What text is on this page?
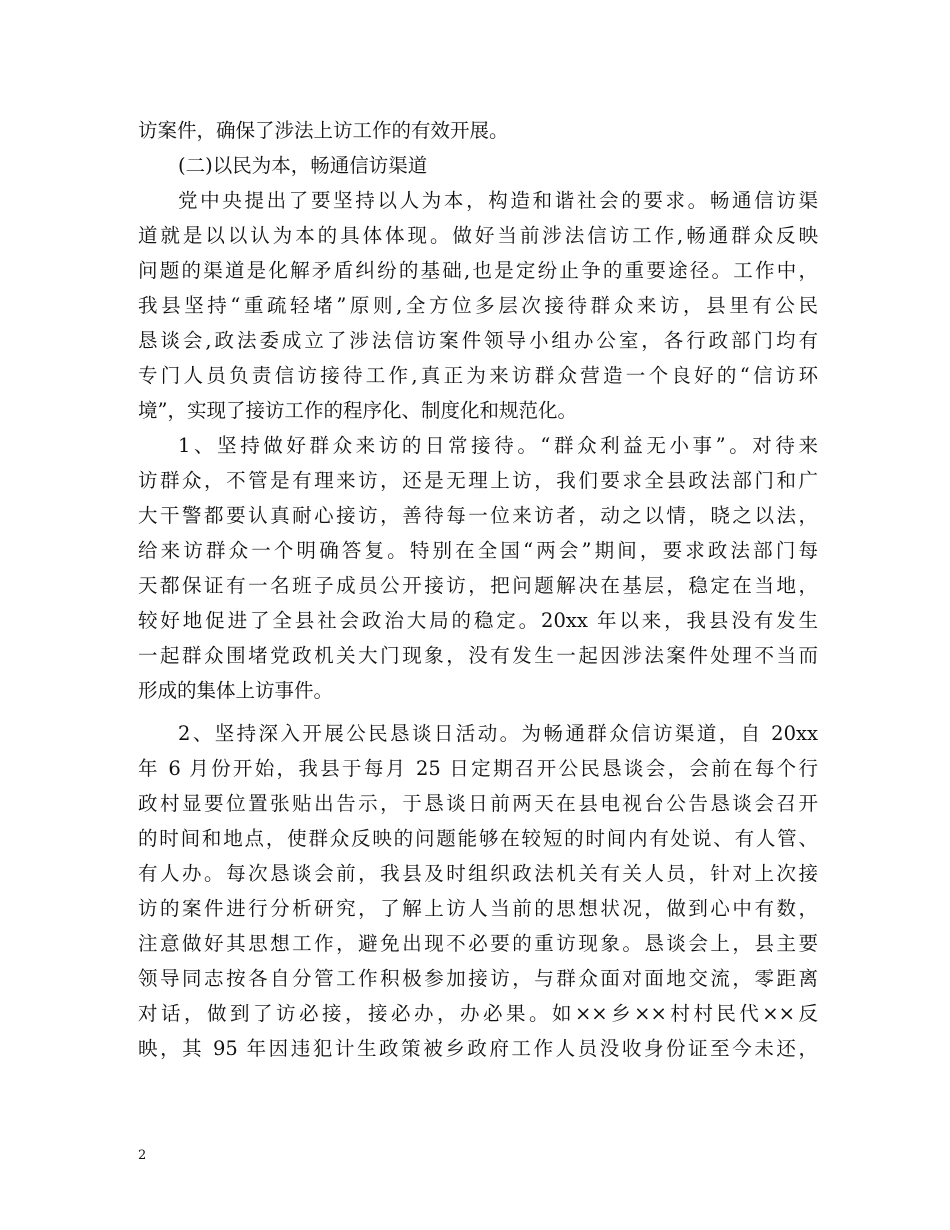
访案件，确保了涉法上访工作的有效开展。
(二)以民为本，畅通信访渠道
党中央提出了要坚持以人为本，构造和谐社会的要求。畅通信访渠
道就是以以认为本的具体体现。做好当前涉法信访工作,畅通群众反映
问题的渠道是化解矛盾纠纷的基础,也是定纷止争的重要途径。工作中，
我县坚持“重疏轻堵”原则,全方位多层次接待群众来访，县里有公民
恳谈会,政法委成立了涉法信访案件领导小组办公室，各行政部门均有
专门人员负责信访接待工作,真正为来访群众营造一个良好的“信访环
境”，实现了接访工作的程序化、制度化和规范化。
1、坚持做好群众来访的日常接待。“群众利益无小事”。对待来
访群众，不管是有理来访，还是无理上访，我们要求全县政法部门和广
大干警都要认真耐心接访，善待每一位来访者，动之以情，晓之以法，
给来访群众一个明确答复。特别在全国“两会”期间，要求政法部门每
天都保证有一名班子成员公开接访，把问题解决在基层，稳定在当地，
较好地促进了全县社会政治大局的稳定。20xx 年以来，我县没有发生
一起群众围堵党政机关大门现象，没有发生一起因涉法案件处理不当而
形成的集体上访事件。
2、坚持深入开展公民恳谈日活动。为畅通群众信访渠道，自 20xx
年 6 月份开始，我县于每月 25 日定期召开公民恳谈会，会前在每个行
政村显要位置张贴出告示，于恳谈日前两天在县电视台公告恳谈会召开
的时间和地点，使群众反映的问题能够在较短的时间内有处说、有人管、
有人办。每次恳谈会前，我县及时组织政法机关有关人员，针对上次接
访的案件进行分析研究，了解上访人当前的思想状况，做到心中有数，
注意做好其思想工作，避免出现不必要的重访现象。恳谈会上，县主要
领导同志按各自分管工作积极参加接访，与群众面对面地交流，零距离
对话，做到了访必接，接必办，办必果。如××乡××村村民代××反
映，其 95 年因违犯计生政策被乡政府工作人员没收身份证至今未还，
2
